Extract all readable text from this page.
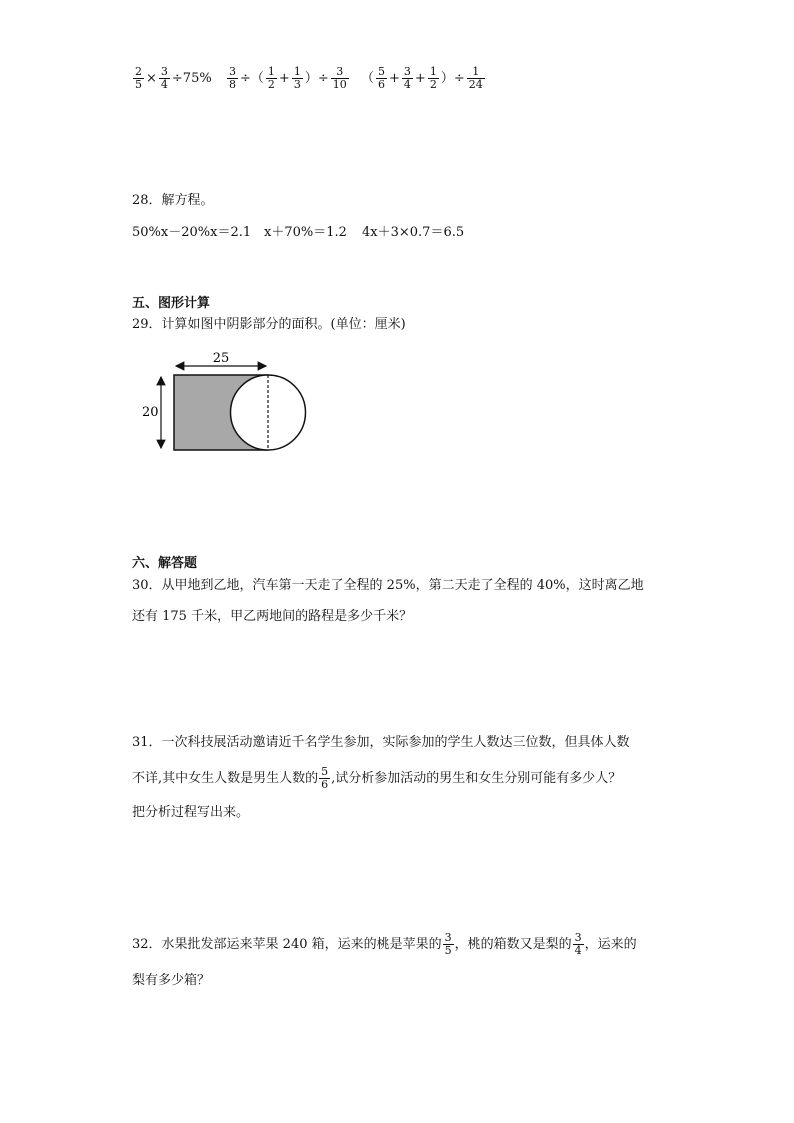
$\frac{2}{5} \times \frac{3}{4} \div 75\% \frac{3}{8}$ ÷（ $\frac{1}{2} + \frac{1}{3}$ ）÷ $\frac{3}{10}$ （ $\frac{5}{6} + \frac{3}{4} + \frac{1}{2}$ ）÷ $\frac{1}{24}$
28．解方程。
50%x－20%x＝2.1 x＋70%＝1.2 4x＋3×0.7＝6.5
五、图形计算
29．计算如图中阴影部分的面积。(单位：厘米)
25
20
六、解答题
30．从甲地到乙地，汽车第一天走了全程的 25%，第二天走了全程的 40%，这时离乙地
还有 175 千米，甲乙两地间的路程是多少千米？
31．一次科技展活动邀请近千名学生参加，实际参加的学生人数达三位数，但具体人数
不详,其中女生人数是男生人数的 $\frac{5}{6}$ ,试分析参加活动的男生和女生分别可能有多少人？
把分析过程写出来。
32．水果批发部运来苹果 240 箱，运来的桃是苹果的 $\frac{3}{5}$ ，桃的箱数又是梨的 $\frac{3}{4}$ ，运来的
梨有多少箱？
